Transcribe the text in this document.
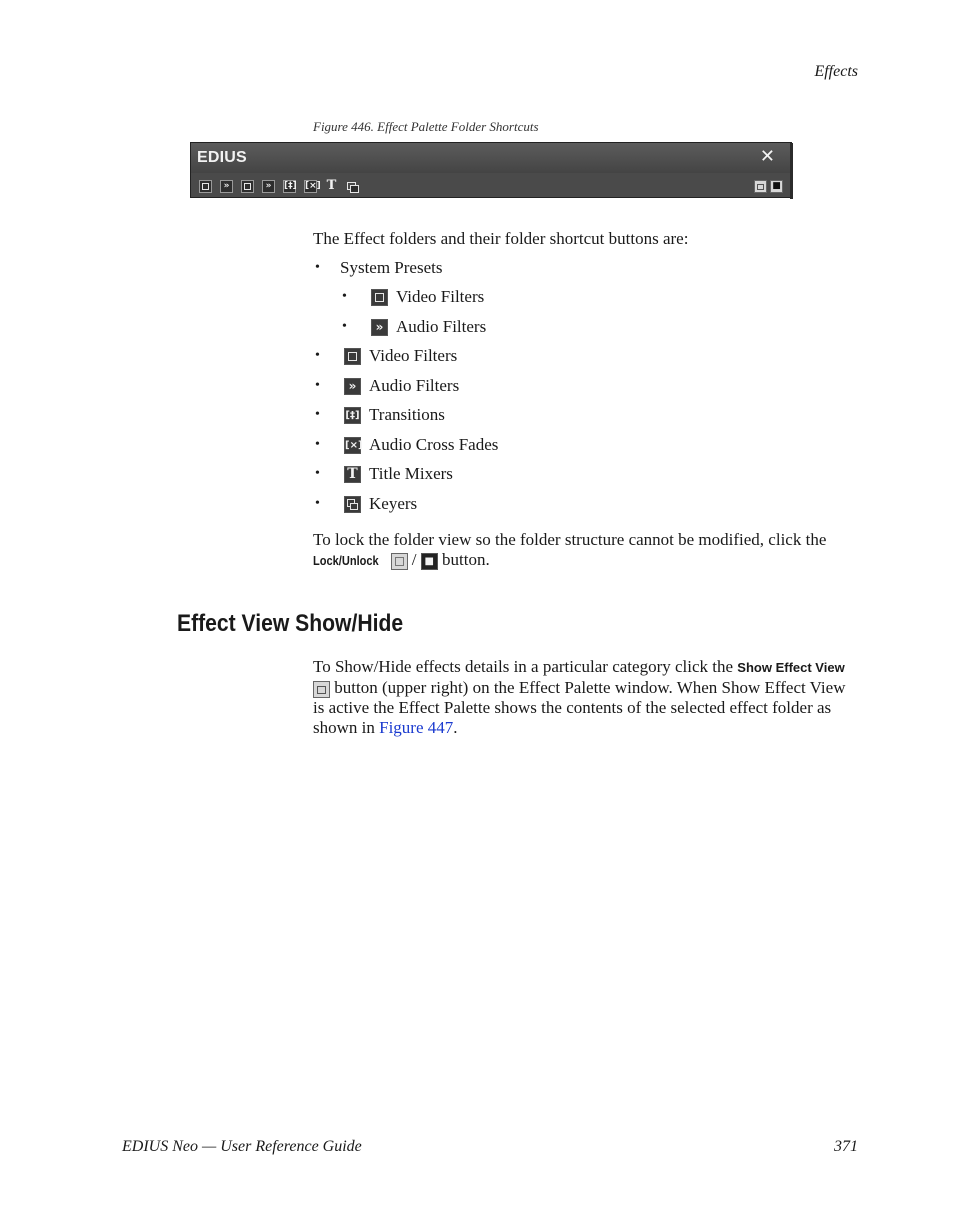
Effects
Figure 446. Effect Palette Folder Shortcuts
EDIUS	✕
»	» [‡] [×] T	■
The Effect folders and their folder shortcut buttons are:
• System Presets
•	Video Filters
•	» Audio Filters
•	Video Filters
•	» Audio Filters
•	[‡] Transitions
•	[×] Audio Cross Fades
• T Title Mixers
•	Keyers
To lock the folder view so the folder structure cannot be modified, click the
Lock/Unlock / ■ button.
Effect View Show/Hide
To Show/Hide effects details in a particular category click the Show Effect View
button (upper right) on the Effect Palette window. When Show Effect View is active the Effect Palette shows the contents of the selected effect folder as shown in Figure 447.
EDIUS Neo — User Reference Guide	371
